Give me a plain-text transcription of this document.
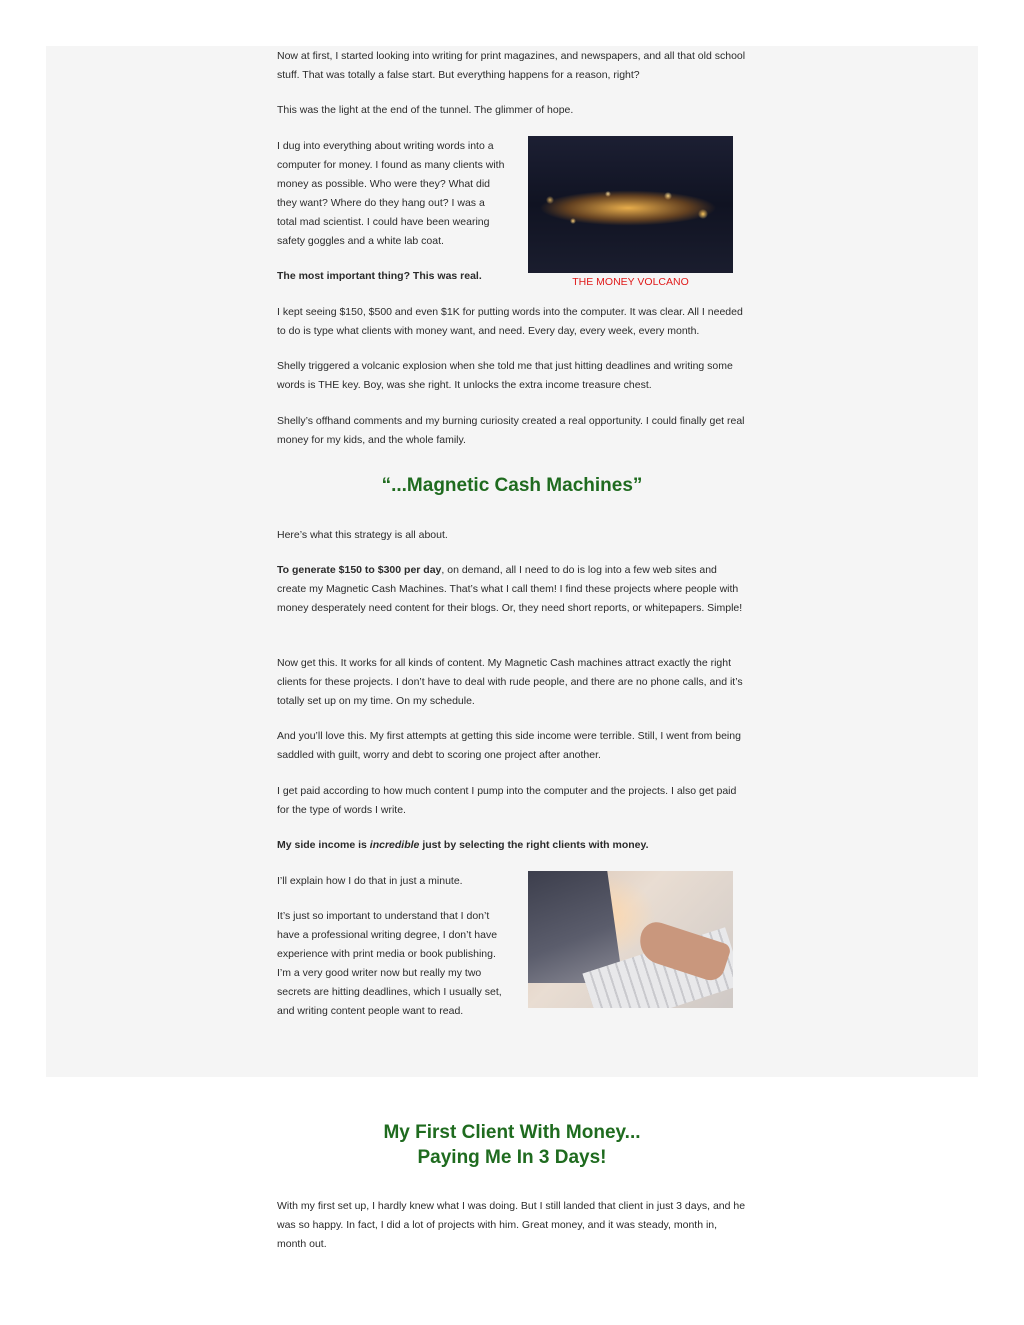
Now at first, I started looking into writing for print magazines, and newspapers, and all that old school stuff. That was totally a false start. But everything happens for a reason, right?

This was the light at the end of the tunnel. The glimmer of hope.

I dug into everything about writing words into a computer for money. I found as many clients with money as possible. Who were they? What did they want? Where do they hang out? I was a total mad scientist. I could have been wearing safety goggles and a white lab coat.

THE MONEY VOLCANO

The most important thing? This was real.

I kept seeing $150, $500 and even $1K for putting words into the computer. It was clear. All I needed to do is type what clients with money want, and need. Every day, every week, every month.

Shelly triggered a volcanic explosion when she told me that just hitting deadlines and writing some words is THE key. Boy, was she right. It unlocks the extra income treasure chest.

Shelly’s offhand comments and my burning curiosity created a real opportunity. I could finally get real money for my kids, and the whole family.

“...Magnetic Cash Machines”

Here’s what this strategy is all about.

To generate $150 to $300 per day, on demand, all I need to do is log into a few web sites and create my Magnetic Cash Machines. That’s what I call them! I find these projects where people with money desperately need content for their blogs. Or, they need short reports, or whitepapers. Simple!

Now get this. It works for all kinds of content. My Magnetic Cash machines attract exactly the right clients for these projects. I don’t have to deal with rude people, and there are no phone calls, and it’s totally set up on my time. On my schedule.

And you’ll love this. My first attempts at getting this side income were terrible. Still, I went from being saddled with guilt, worry and debt to scoring one project after another.

I get paid according to how much content I pump into the computer and the projects. I also get paid for the type of words I write.

My side income is incredible just by selecting the right clients with money.

I’ll explain how I do that in just a minute.

It’s just so important to understand that I don’t have a professional writing degree, I don’t have experience with print media or book publishing. I’m a very good writer now but really my two secrets are hitting deadlines, which I usually set, and writing content people want to read.

My First Client With Money...
Paying Me In 3 Days!

With my first set up, I hardly knew what I was doing. But I still landed that client in just 3 days, and he was so happy. In fact, I did a lot of projects with him. Great money, and it was steady, month in, month out.
